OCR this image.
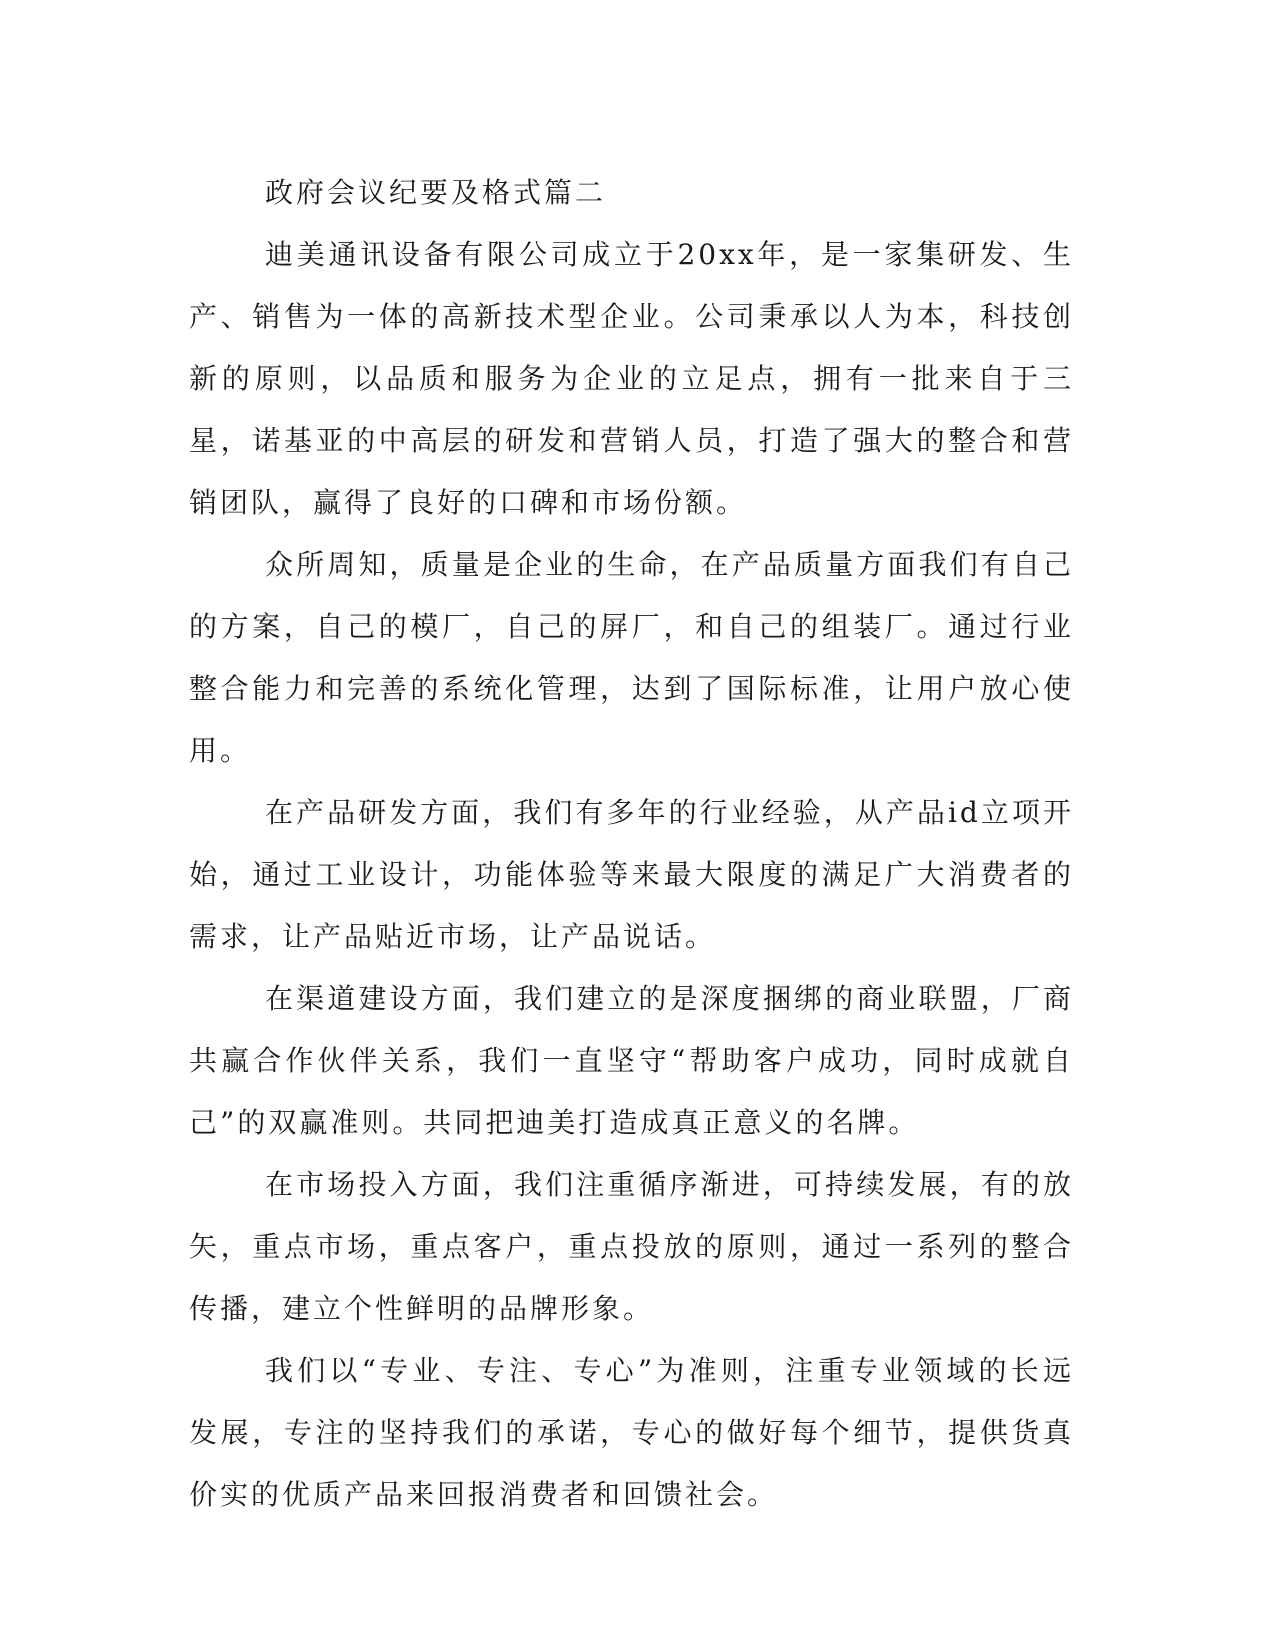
政府会议纪要及格式篇二

迪美通讯设备有限公司成立于20xx年，是一家集研发、生产、销售为一体的高新技术型企业。公司秉承以人为本，科技创新的原则，以品质和服务为企业的立足点，拥有一批来自于三星，诺基亚的中高层的研发和营销人员，打造了强大的整合和营销团队，赢得了良好的口碑和市场份额。

众所周知，质量是企业的生命，在产品质量方面我们有自己的方案，自己的模厂，自己的屏厂，和自己的组装厂。通过行业整合能力和完善的系统化管理，达到了国际标准，让用户放心使用。

在产品研发方面，我们有多年的行业经验，从产品id立项开始，通过工业设计，功能体验等来最大限度的满足广大消费者的需求，让产品贴近市场，让产品说话。

在渠道建设方面，我们建立的是深度捆绑的商业联盟，厂商共赢合作伙伴关系，我们一直坚守“帮助客户成功，同时成就自己”的双赢准则。共同把迪美打造成真正意义的名牌。

在市场投入方面，我们注重循序渐进，可持续发展，有的放矢，重点市场，重点客户，重点投放的原则，通过一系列的整合传播，建立个性鲜明的品牌形象。

我们以“专业、专注、专心”为准则，注重专业领域的长远发展，专注的坚持我们的承诺，专心的做好每个细节，提供货真价实的优质产品来回报消费者和回馈社会。
